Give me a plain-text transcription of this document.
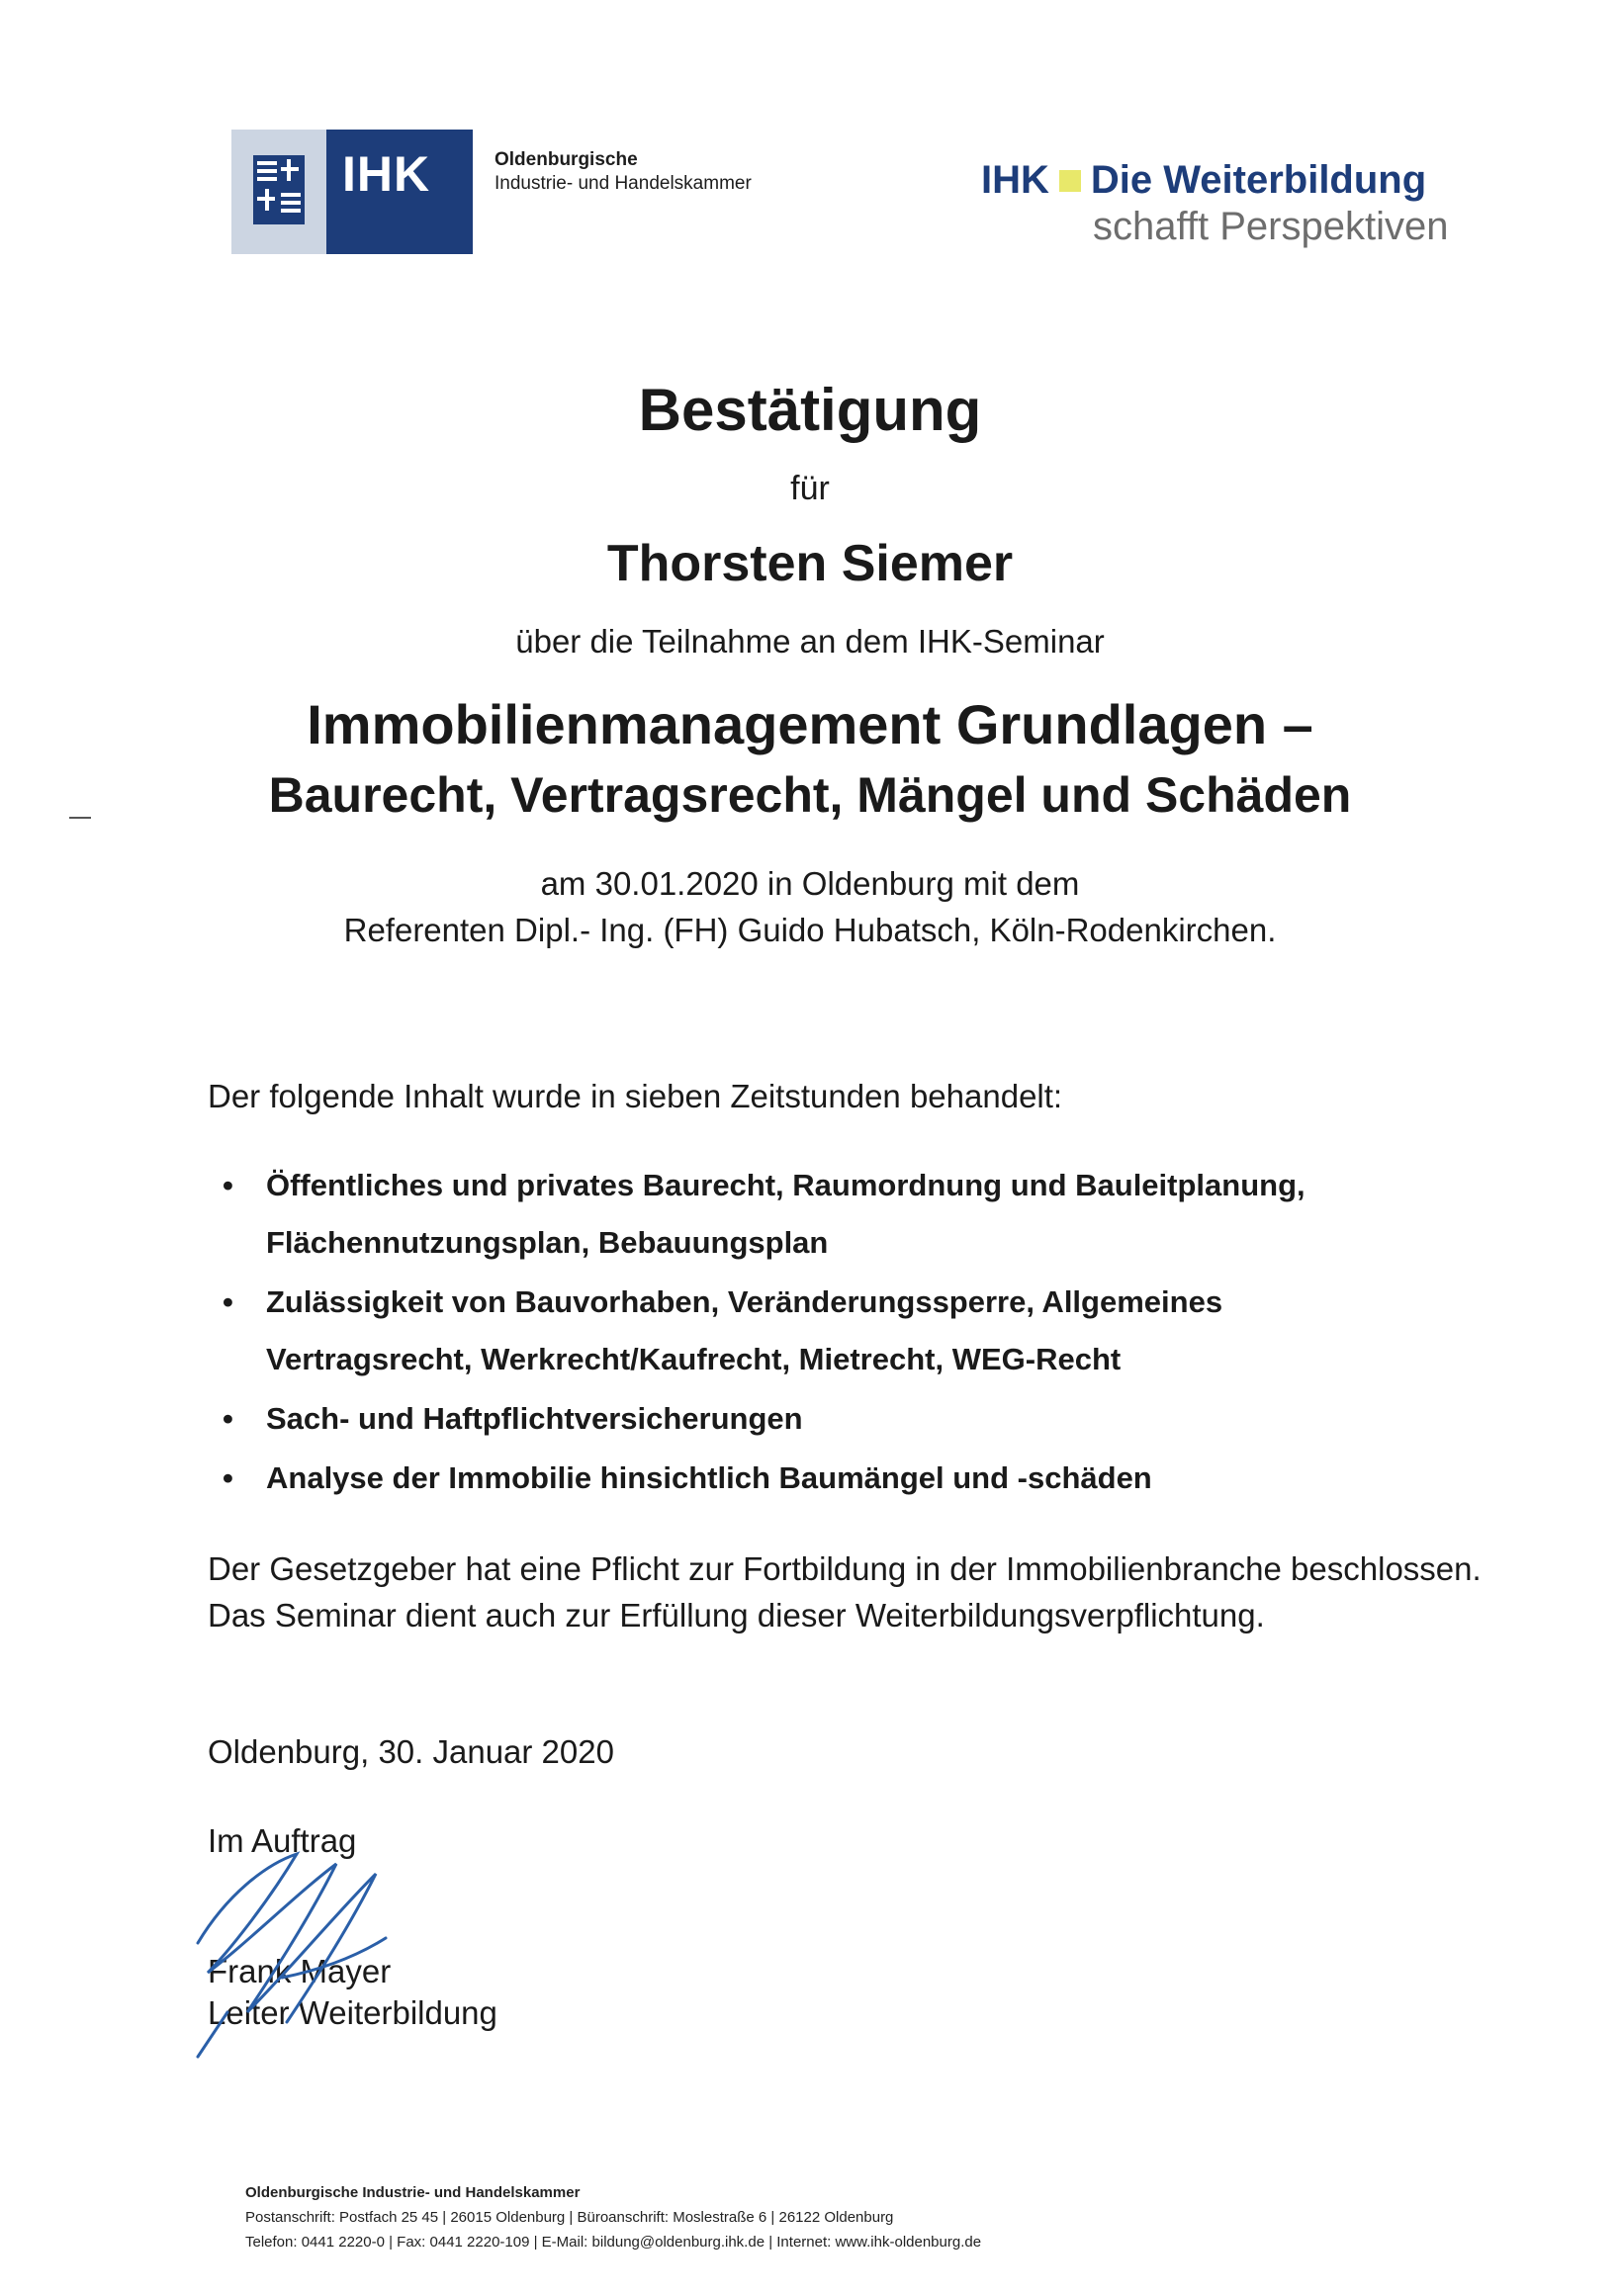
IHK	Oldenburgische
Industrie- und Handelskammer	IHK Die Weiterbildung
schafft Perspektiven
Bestätigung
für
Thorsten Siemer
über die Teilnahme an dem IHK-Seminar
Immobilienmanagement Grundlagen –
Baurecht, Vertragsrecht, Mängel und Schäden
am 30.01.2020 in Oldenburg mit dem
Referenten Dipl.- Ing. (FH) Guido Hubatsch, Köln-Rodenkirchen.
Der folgende Inhalt wurde in sieben Zeitstunden behandelt:
• Öffentliches und privates Baurecht, Raumordnung und Bauleitplanung,
Flächennutzungsplan, Bebauungsplan
• Zulässigkeit von Bauvorhaben, Veränderungssperre, Allgemeines
Vertragsrecht, Werkrecht/Kaufrecht, Mietrecht, WEG-Recht
• Sach- und Haftpflichtversicherungen
• Analyse der Immobilie hinsichtlich Baumängel und -schäden
Der Gesetzgeber hat eine Pflicht zur Fortbildung in der Immobilienbranche beschlossen.
Das Seminar dient auch zur Erfüllung dieser Weiterbildungsverpflichtung.
Oldenburg, 30. Januar 2020
Im Auftrag
Frank Mayer
Leiter Weiterbildung
Oldenburgische Industrie- und Handelskammer
Postanschrift: Postfach 25 45 | 26015 Oldenburg | Büroanschrift: Moslestraße 6 | 26122 Oldenburg
Telefon: 0441 2220-0 | Fax: 0441 2220-109 | E-Mail: bildung@oldenburg.ihk.de | Internet: www.ihk-oldenburg.de
